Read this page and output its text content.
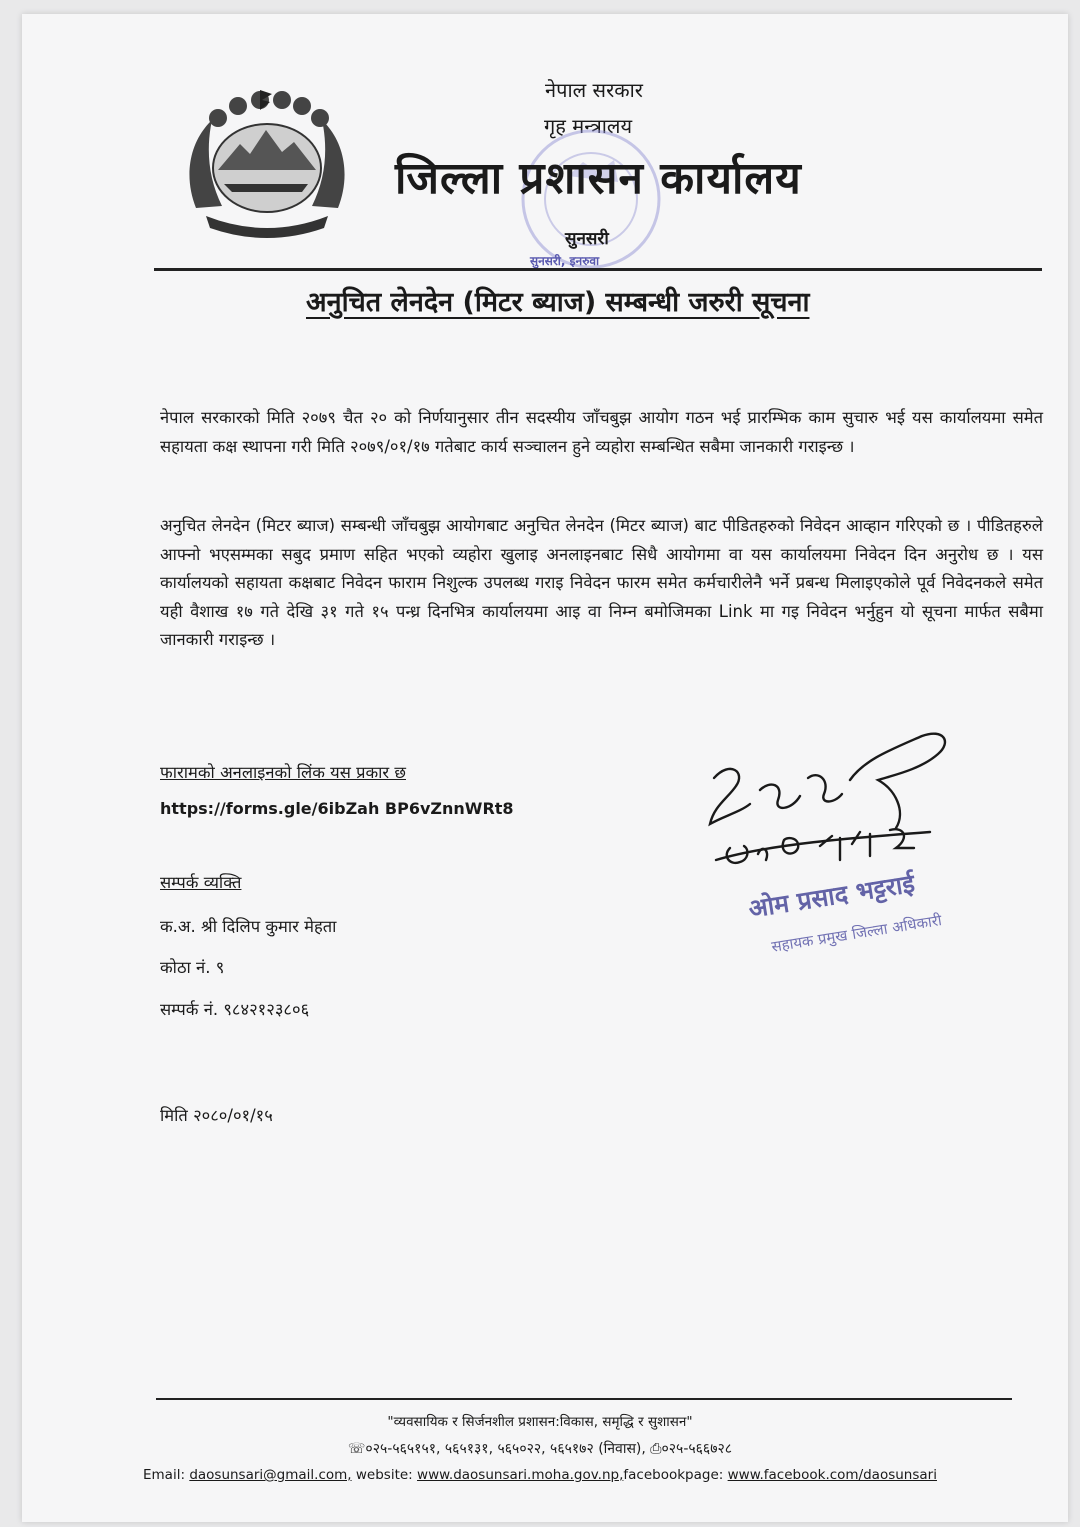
नेपाल सरकार
गृह मन्त्रालय
जिल्ला प्रशासन कार्यालय
सुनसरी
सुनसरी, इनरुवा
अनुचित लेनदेन (मिटर ब्याज) सम्बन्धी जरुरी सूचना
नेपाल सरकारको मिति २०७९ चैत २० को निर्णयानुसार तीन सदस्यीय जाँचबुझ आयोग गठन भई प्रारम्भिक काम सुचारु भई यस कार्यालयमा समेत सहायता कक्ष स्थापना गरी मिति २०७९/०१/१७ गतेबाट कार्य सञ्चालन हुने व्यहोरा सम्बन्धित सबैमा जानकारी गराइन्छ ।
अनुचित लेनदेन (मिटर ब्याज) सम्बन्धी जाँचबुझ आयोगबाट अनुचित लेनदेन (मिटर ब्याज) बाट पीडितहरुको निवेदन आव्हान गरिएको छ । पीडितहरुले आफ्नो भएसम्मका सबुद प्रमाण सहित भएको व्यहोरा खुलाइ अनलाइनबाट सिधै आयोगमा वा यस कार्यालयमा निवेदन दिन अनुरोध छ । यस कार्यालयको सहायता कक्षबाट निवेदन फाराम निशुल्क उपलब्ध गराइ निवेदन फारम समेत कर्मचारीलेनै भर्ने प्रबन्ध मिलाइएकोले पूर्व निवेदनकले समेत यही वैशाख १७ गते देखि ३१ गते १५ पन्ध्र दिनभित्र कार्यालयमा आइ वा निम्न बमोजिमका Link मा गइ निवेदन भर्नुहुन यो सूचना मार्फत सबैमा जानकारी गराइन्छ ।
फारामको अनलाइनको लिंक यस प्रकार छ
https://forms.gle/6ibZah BP6vZnnWRt8
सम्पर्क व्यक्ति
क.अ. श्री दिलिप कुमार मेहता
कोठा नं. ९
सम्पर्क नं. ९८४२१२३८०६
मिति २०८०/०१/१५
ओम प्रसाद भट्टराई
सहायक प्रमुख जिल्ला अधिकारी
"व्यवसायिक र सिर्जनशील प्रशासन:विकास, समृद्धि र सुशासन"
☏०२५-५६५१५१, ५६५१३१, ५६५०२२, ५६५१७२ (निवास), ⎙०२५-५६६७२८
Email: daosunsari@gmail.com, website: www.daosunsari.moha.gov.np,facebookpage: www.facebook.com/daosunsari
